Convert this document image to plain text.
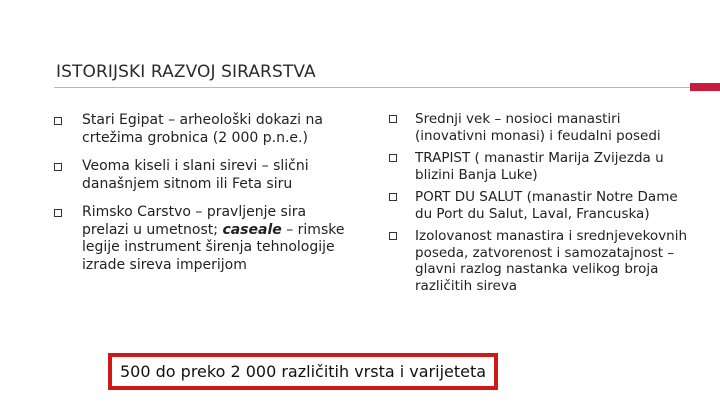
ISTORIJSKI RAZVOJ SIRARSTVA
Stari Egipat – arheološki dokazi na crtežima grobnica (2 000 p.n.e.)
Veoma kiseli i slani sirevi – slični današnjem sitnom ili Feta siru
Rimsko Carstvo – pravljenje sira prelazi u umetnost; caseale – rimske legije instrument širenja tehnologije izrade sireva imperijom
Srednji vek – nosioci manastiri (inovativni monasi) i feudalni posedi
TRAPIST ( manastir Marija Zvijezda u blizini Banja Luke)
PORT DU SALUT (manastir Notre Dame du Port du Salut, Laval, Francuska)
Izolovanost manastira i srednjevekovnih poseda, zatvorenost i samozatajnost – glavni razlog nastanka velikog broja različitih sireva
500 do preko 2 000 različitih vrsta i varijeteta
